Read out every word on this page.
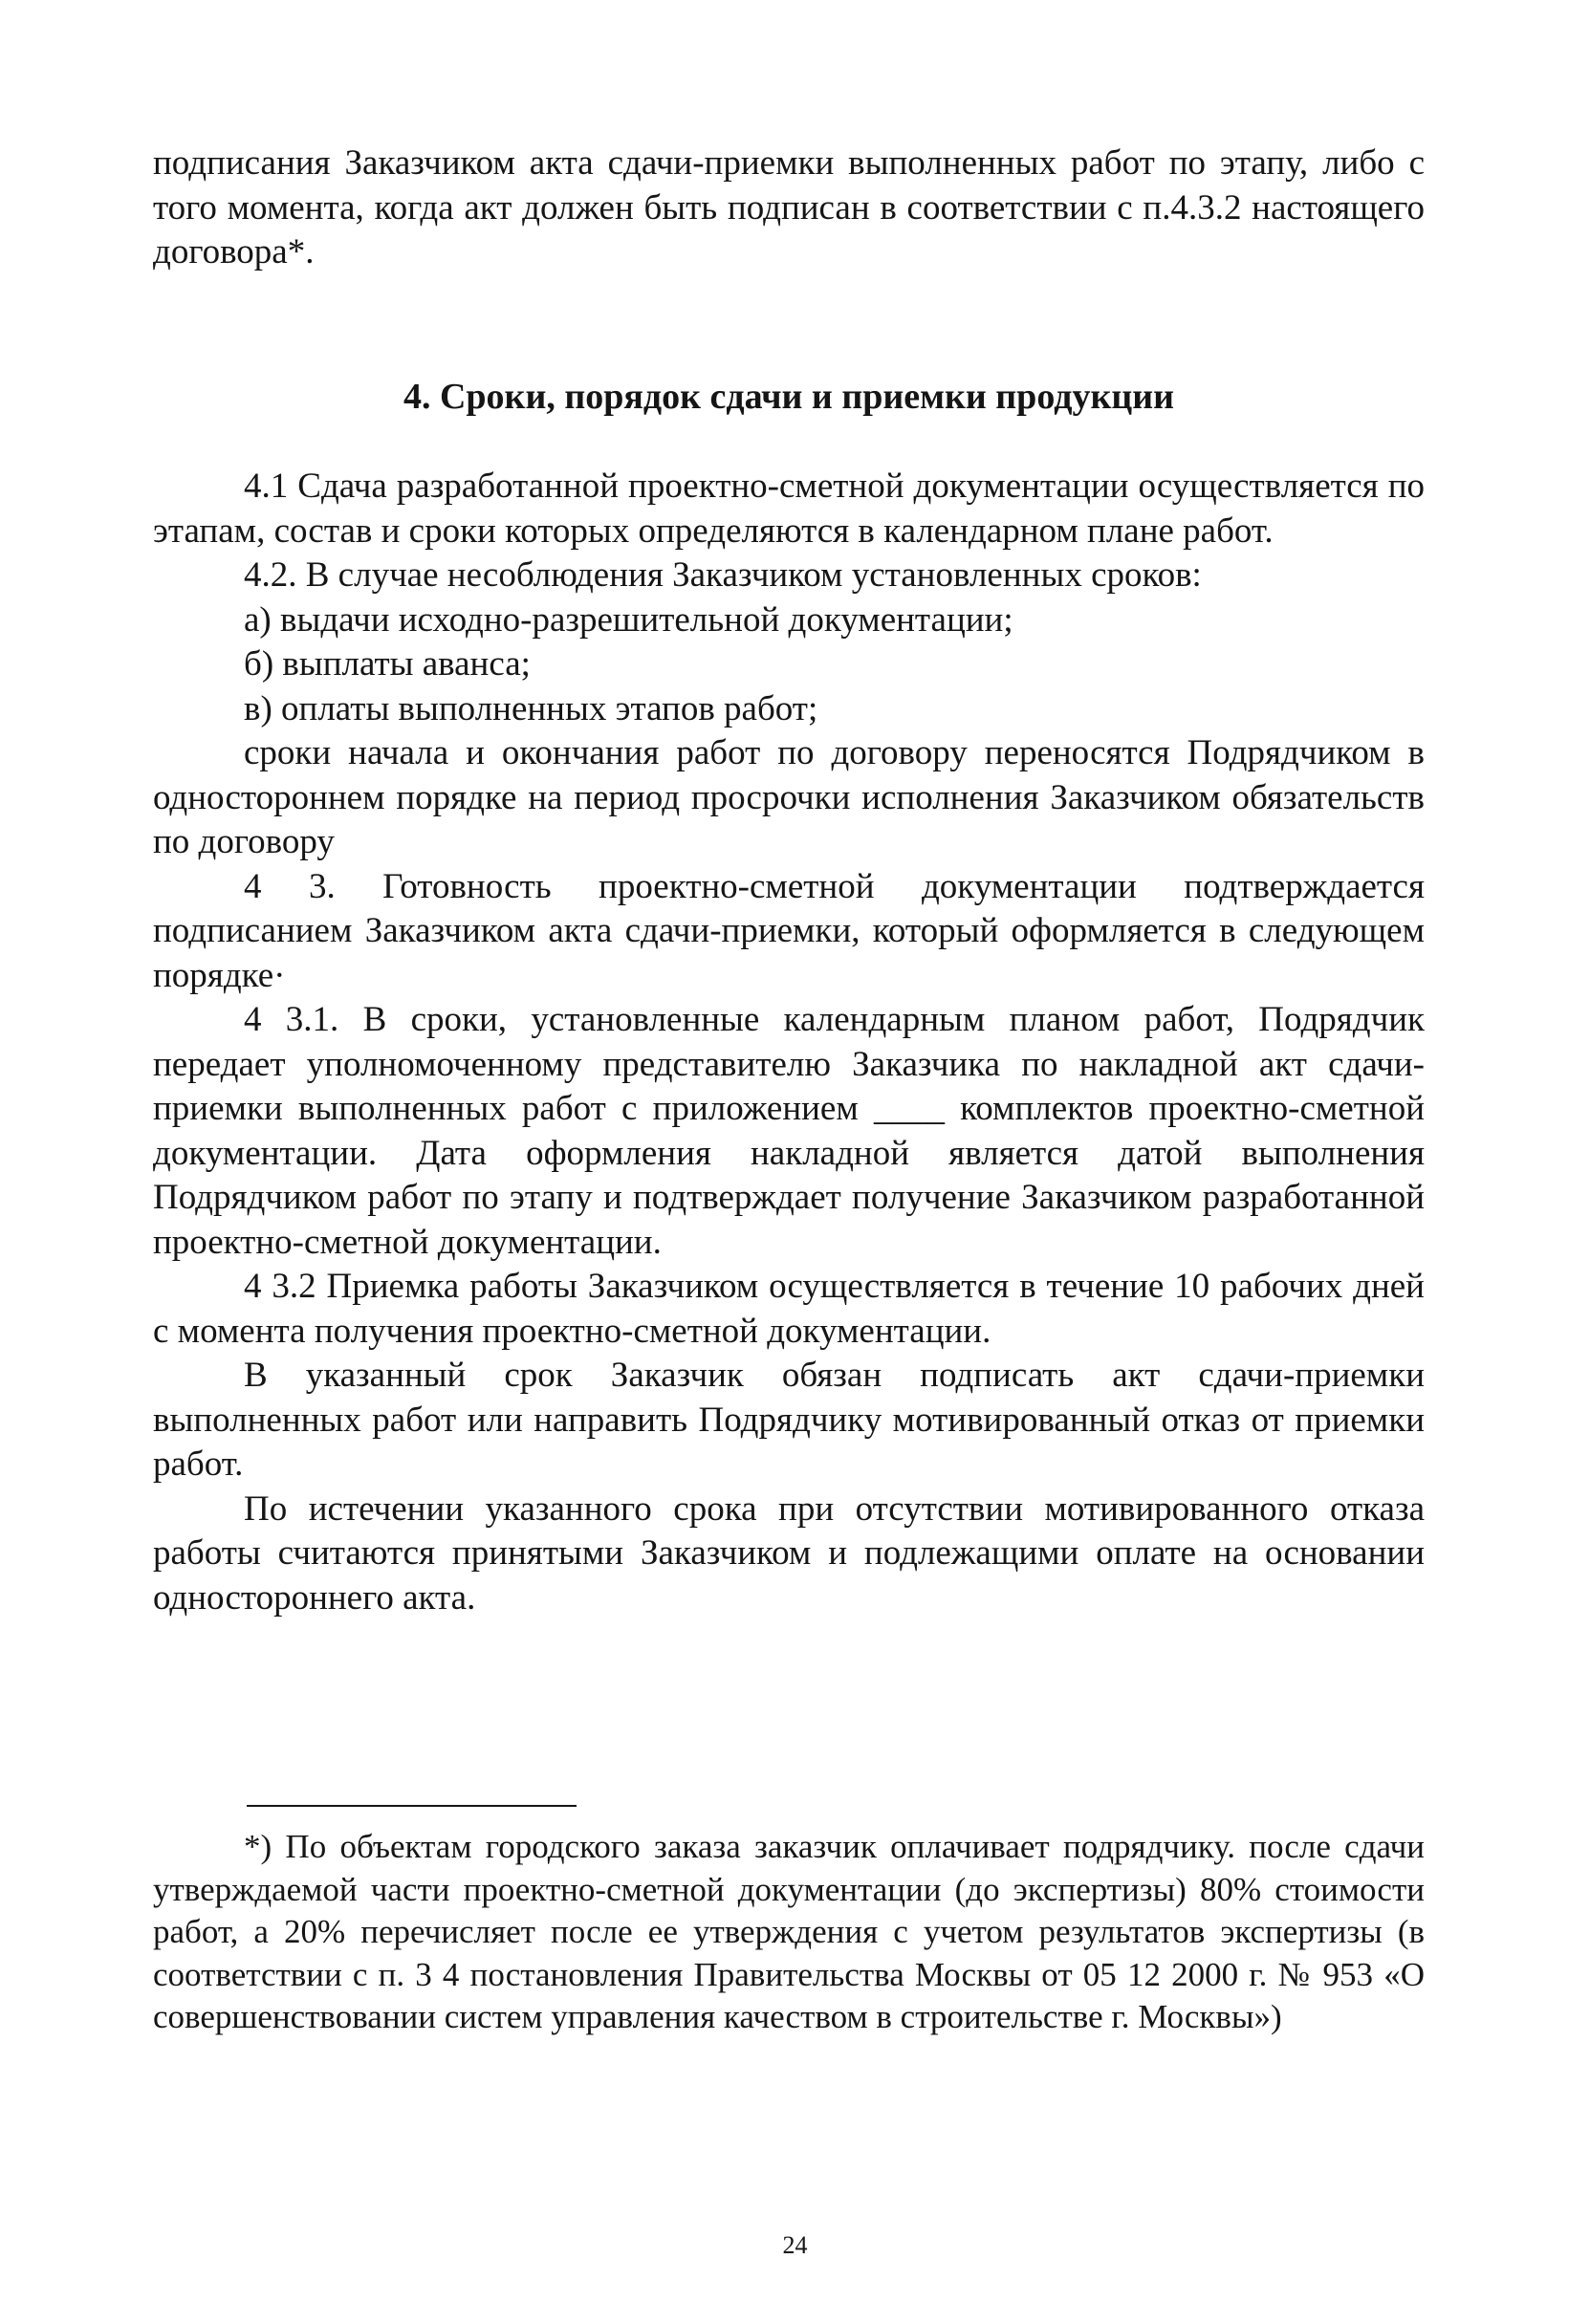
подписания Заказчиком акта сдачи-приемки выполненных работ по этапу, либо с того момента, когда акт должен быть подписан в соответствии с п.4.3.2 настоящего договора*.

4. Сроки, порядок сдачи и приемки продукции

4.1 Сдача разработанной проектно-сметной документации осуществляется по этапам, состав и сроки которых определяются в календарном плане работ.

4.2. В случае несоблюдения Заказчиком установленных сроков:

а) выдачи исходно-разрешительной документации;

б) выплаты аванса;

в) оплаты выполненных этапов работ;

сроки начала и окончания работ по договору переносятся Подрядчиком в одностороннем порядке на период просрочки исполнения Заказчиком обязательств по договору

4 3. Готовность проектно-сметной документации подтверждается подписанием Заказчиком акта сдачи-приемки, который оформляется в следующем порядке·

4 3.1. В сроки, установленные календарным планом работ, Подрядчик передает уполномоченному представителю Заказчика по накладной акт сдачи-приемки выполненных работ с приложением ____ комплектов проектно-сметной документации. Дата оформления накладной является датой выполнения Подрядчиком работ по этапу и подтверждает получение Заказчиком разработанной проектно-сметной документации.

4 3.2 Приемка работы Заказчиком осуществляется в течение 10 рабочих дней с момента получения проектно-сметной документации.

В указанный срок Заказчик обязан подписать акт сдачи-приемки выполненных работ или направить Подрядчику мотивированный отказ от приемки работ.

По истечении указанного срока при отсутствии мотивированного отказа работы считаются принятыми Заказчиком и подлежащими оплате на основании одностороннего акта.

*) По объектам городского заказа заказчик оплачивает подрядчику. после сдачи утверждаемой части проектно-сметной документации (до экспертизы) 80% стоимости работ, а 20% перечисляет после ее утверждения с учетом результатов экспертизы (в соответствии с п. 3 4 постановления Правительства Москвы от 05 12 2000 г. № 953 «О совершенствовании систем управления качеством в строительстве г. Москвы»)

24
